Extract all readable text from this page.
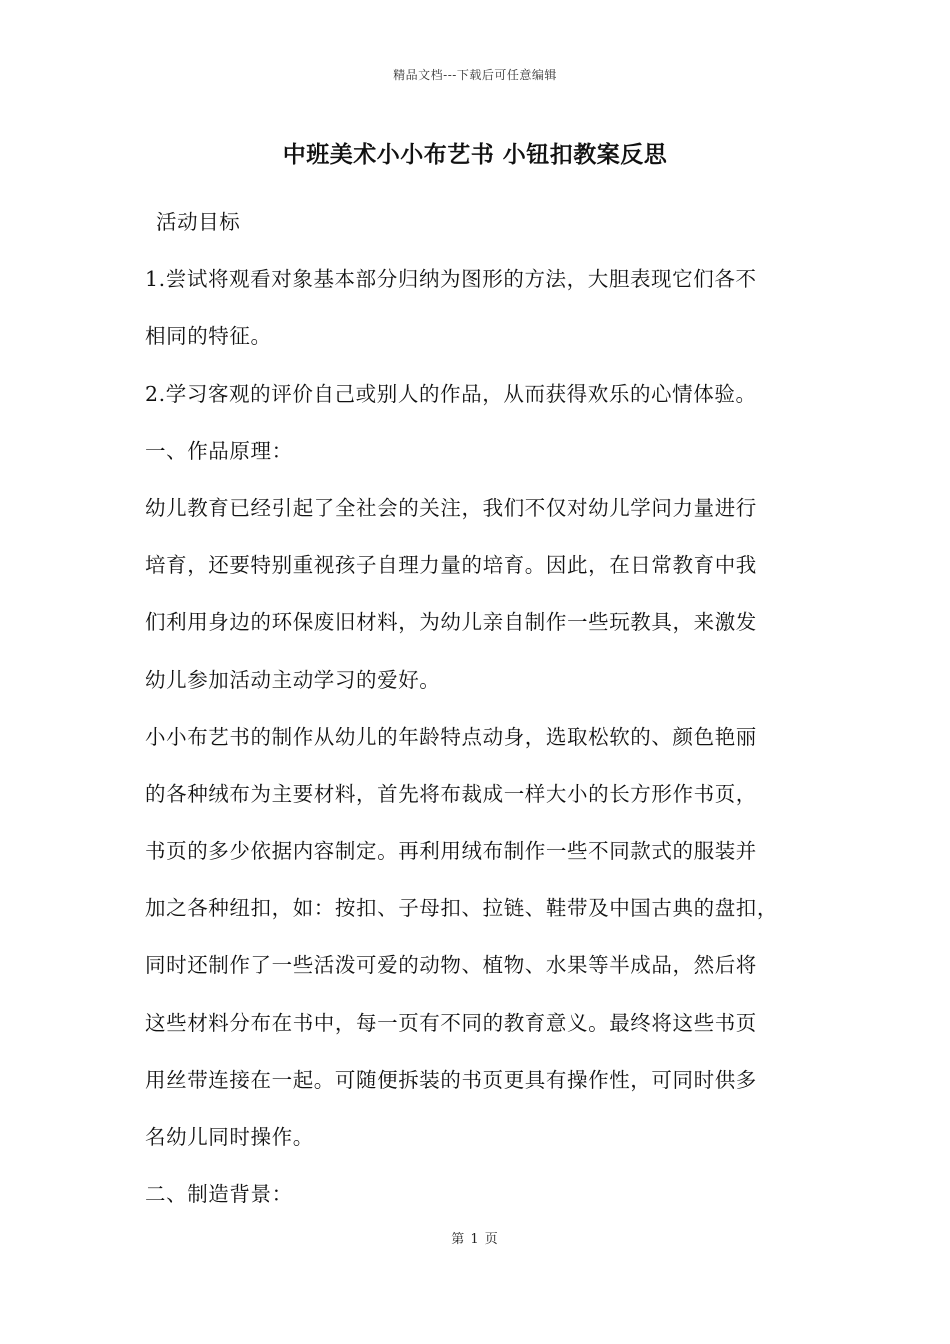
精品文档---下载后可任意编辑
中班美术小小布艺书 小钮扣教案反思
活动目标
1.尝试将观看对象基本部分归纳为图形的方法，大胆表现它们各不
相同的特征。
2.学习客观的评价自己或别人的作品，从而获得欢乐的心情体验。
一、作品原理：
幼儿教育已经引起了全社会的关注，我们不仅对幼儿学问力量进行
培育，还要特别重视孩子自理力量的培育。因此，在日常教育中我
们利用身边的环保废旧材料，为幼儿亲自制作一些玩教具，来激发
幼儿参加活动主动学习的爱好。
小小布艺书的制作从幼儿的年龄特点动身，选取松软的、颜色艳丽
的各种绒布为主要材料，首先将布裁成一样大小的长方形作书页，
书页的多少依据内容制定。再利用绒布制作一些不同款式的服装并
加之各种纽扣，如：按扣、子母扣、拉链、鞋带及中国古典的盘扣，
同时还制作了一些活泼可爱的动物、植物、水果等半成品，然后将
这些材料分布在书中，每一页有不同的教育意义。最终将这些书页
用丝带连接在一起。可随便拆装的书页更具有操作性，可同时供多
名幼儿同时操作。
二、制造背景：
第 1 页
